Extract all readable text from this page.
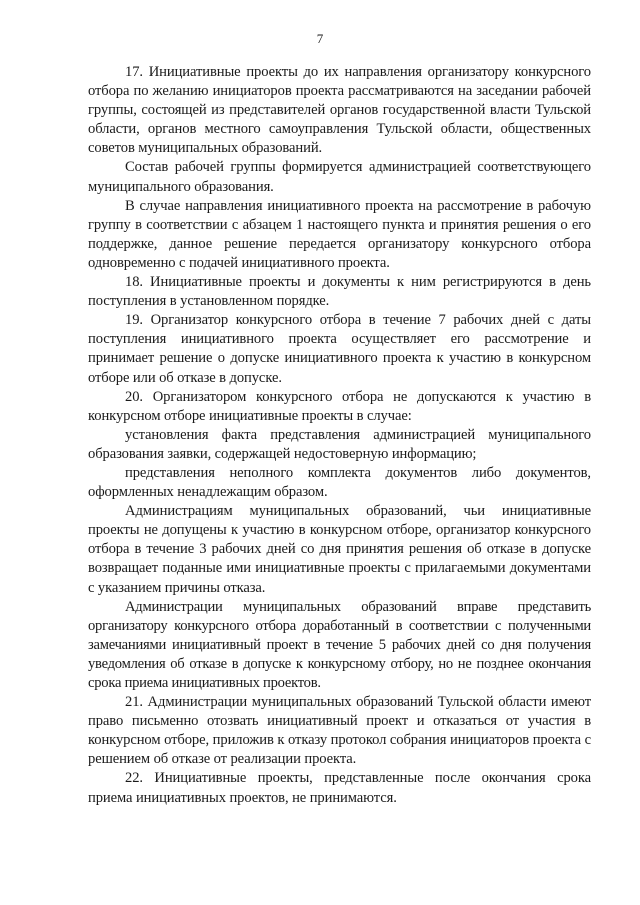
7

17. Инициативные проекты до их направления организатору конкурсного отбора по желанию инициаторов проекта рассматриваются на заседании рабочей группы, состоящей из представителей органов государственной власти Тульской области, органов местного самоуправления Тульской области, общественных советов муниципальных образований.

Состав рабочей группы формируется администрацией соответствующего муниципального образования.

В случае направления инициативного проекта на рассмотрение в рабочую группу в соответствии с абзацем 1 настоящего пункта и принятия решения о его поддержке, данное решение передается организатору конкурсного отбора одновременно с подачей инициативного проекта.

18. Инициативные проекты и документы к ним регистрируются в день поступления в установленном порядке.

19. Организатор конкурсного отбора в течение 7 рабочих дней с даты поступления инициативного проекта осуществляет его рассмотрение и принимает решение о допуске инициативного проекта к участию в конкурсном отборе или об отказе в допуске.

20. Организатором конкурсного отбора не допускаются к участию в конкурсном отборе инициативные проекты в случае:

установления факта представления администрацией муниципального образования заявки, содержащей недостоверную информацию;

представления неполного комплекта документов либо документов, оформленных ненадлежащим образом.

Администрациям муниципальных образований, чьи инициативные проекты не допущены к участию в конкурсном отборе, организатор конкурсного отбора в течение 3 рабочих дней со дня принятия решения об отказе в допуске возвращает поданные ими инициативные проекты с прилагаемыми документами с указанием причины отказа.

Администрации муниципальных образований вправе представить организатору конкурсного отбора доработанный в соответствии с полученными замечаниями инициативный проект в течение 5 рабочих дней со дня получения уведомления об отказе в допуске к конкурсному отбору, но не позднее окончания срока приема инициативных проектов.

21. Администрации муниципальных образований Тульской области имеют право письменно отозвать инициативный проект и отказаться от участия в конкурсном отборе, приложив к отказу протокол собрания инициаторов проекта с решением об отказе от реализации проекта.

22. Инициативные проекты, представленные после окончания срока приема инициативных проектов, не принимаются.
